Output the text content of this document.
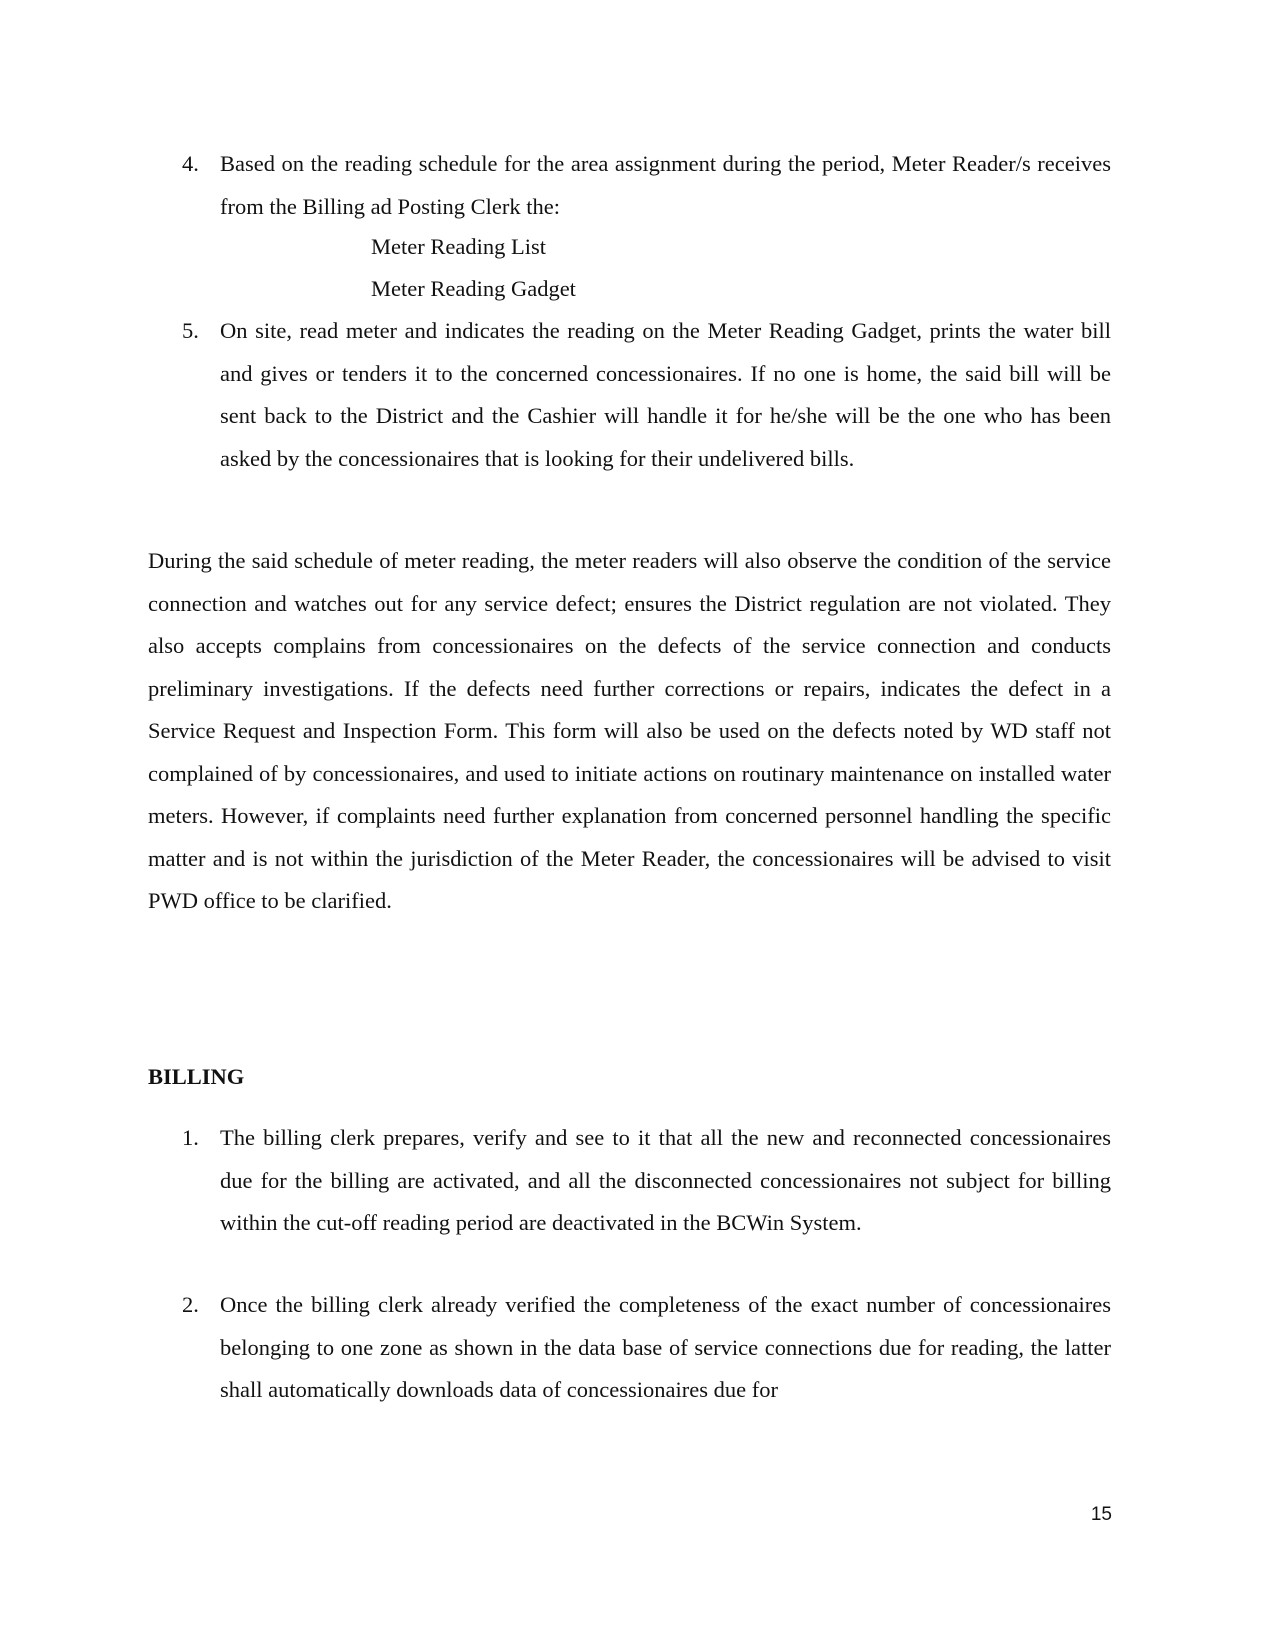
4. Based on the reading schedule for the area assignment during the period, Meter Reader/s receives from the Billing ad Posting Clerk the:
Meter Reading List
Meter Reading Gadget
5. On site, read meter and indicates the reading on the Meter Reading Gadget, prints the water bill and gives or tenders it to the concerned concessionaires. If no one is home, the said bill will be sent back to the District and the Cashier will handle it for he/she will be the one who has been asked by the concessionaires that is looking for their undelivered bills.
During the said schedule of meter reading, the meter readers will also observe the condition of the service connection and watches out for any service defect; ensures the District regulation are not violated. They also accepts complains from concessionaires on the defects of the service connection and conducts preliminary investigations. If the defects need further corrections or repairs, indicates the defect in a Service Request and Inspection Form. This form will also be used on the defects noted by WD staff not complained of by concessionaires, and used to initiate actions on routinary maintenance on installed water meters. However, if complaints need further explanation from concerned personnel handling the specific matter and is not within the jurisdiction of the Meter Reader, the concessionaires will be advised to visit PWD office to be clarified.
BILLING
1. The billing clerk prepares, verify and see to it that all the new and reconnected concessionaires due for the billing are activated, and all the disconnected concessionaires not subject for billing within the cut-off reading period are deactivated in the BCWin System.
2. Once the billing clerk already verified the completeness of the exact number of concessionaires belonging to one zone as shown in the data base of service connections due for reading, the latter shall automatically downloads data of concessionaires due for
15
